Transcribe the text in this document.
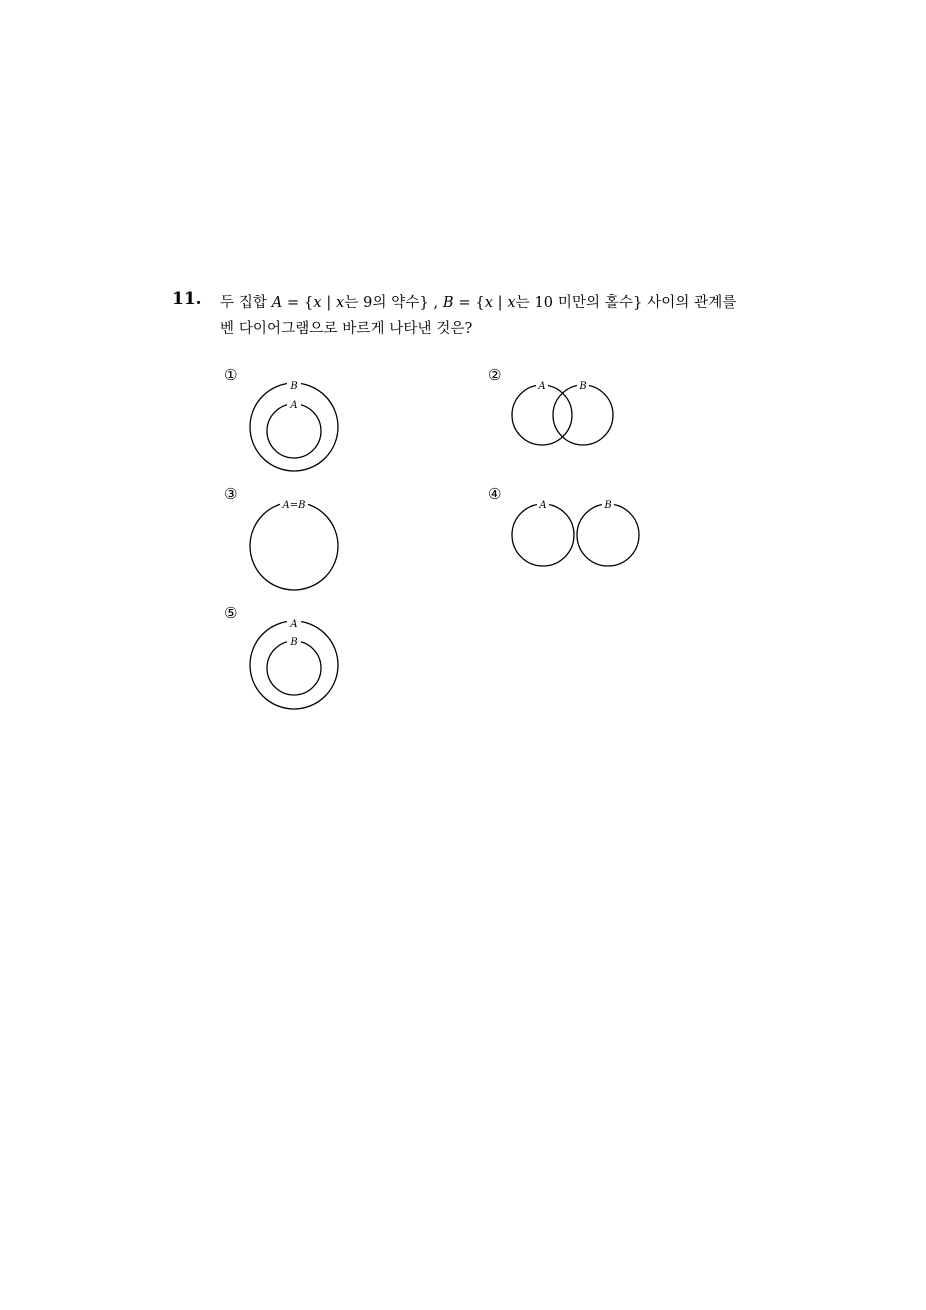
11. 두 집합 A = {x | x는 9의 약수} , B = {x | x는 10 미만의 홀수} 사이의 관계를
벤 다이어그램으로 바르게 나타낸 것은?
①
B
A
②
A	B
③
A=B
④
A	B
⑤
A
B
